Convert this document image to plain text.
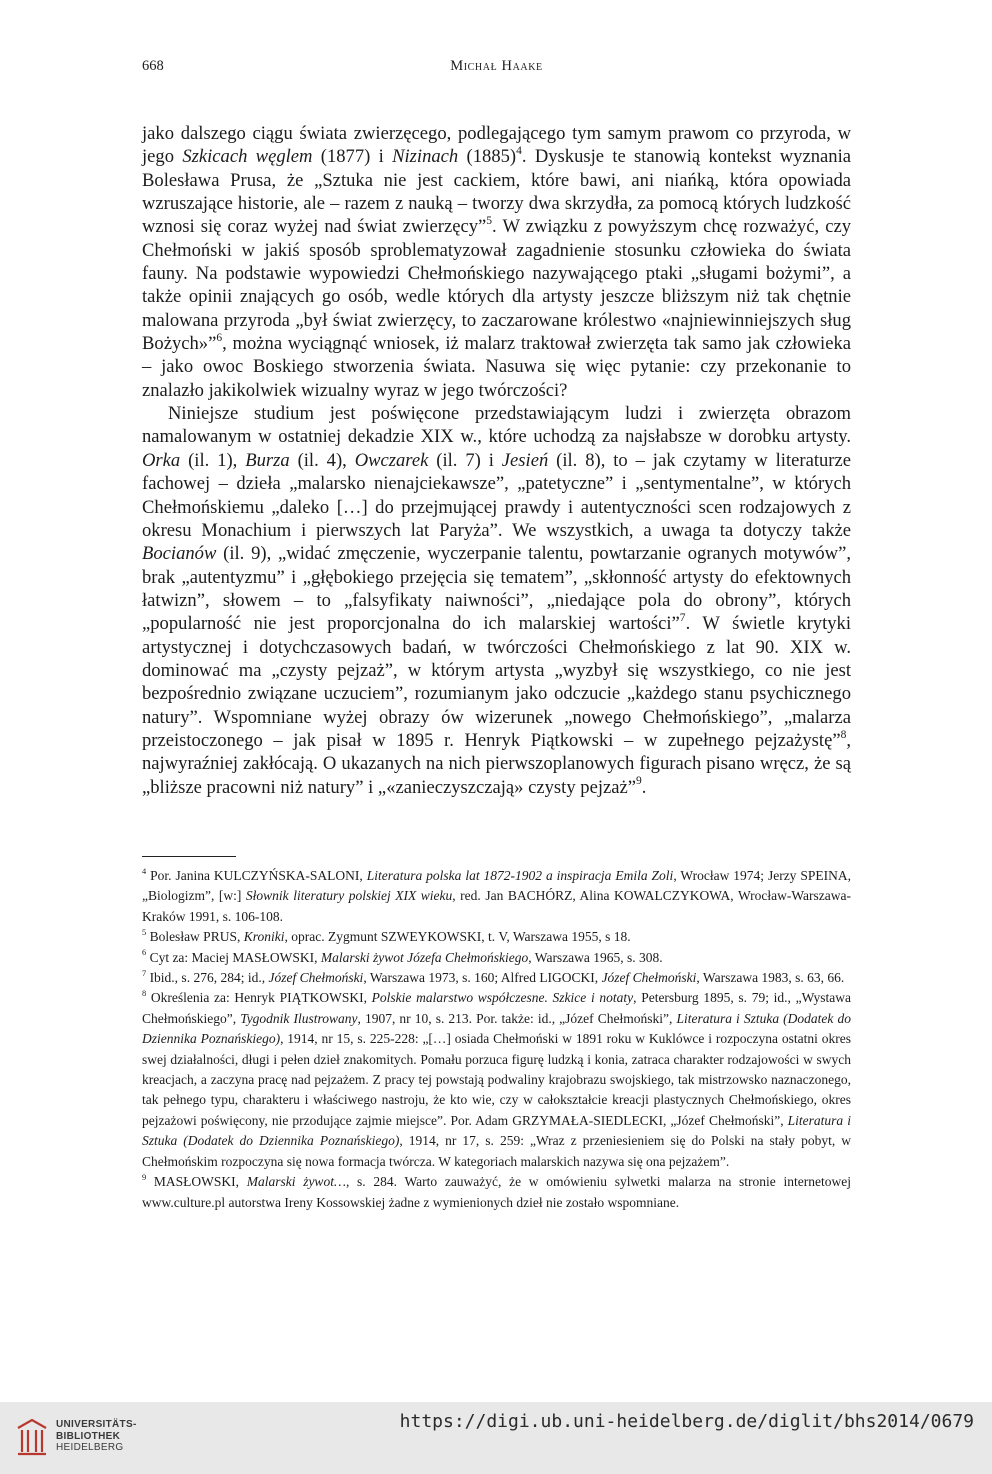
668	Michał Haake

jako dalszego ciągu świata zwierzęcego, podlegającego tym samym prawom co przyroda, w jego Szkicach węglem (1877) i Nizinach $(1885)^4$. Dyskusje te stanowią kontekst wyznania Bolesława Prusa, że „Sztuka nie jest cackiem, które bawi, ani niańką, która opowiada wzruszające historie, ale – razem z nauką – tworzy dwa skrzydła, za pomocą których ludzkość wznosi się coraz wyżej nad świat zwierzęcy”$^5$. W związku z powyższym chcę rozważyć, czy Chełmoński w jakiś sposób sproblematyzował zagadnienie stosunku człowieka do świata fauny. Na podstawie wypowiedzi Chełmońskiego nazywającego ptaki „sługami bożymi”, a także opinii znających go osób, wedle których dla artysty jeszcze bliższym niż tak chętnie malowana przyroda „był świat zwierzęcy, to zaczarowane królestwo «najniewinniejszych sług Bożych»”$^6$, można wyciągnąć wniosek, iż malarz traktował zwierzęta tak samo jak człowieka – jako owoc Boskiego stworzenia świata. Nasuwa się więc pytanie: czy przekonanie to znalazło jakikolwiek wizualny wyraz w jego twórczości?

Niniejsze studium jest poświęcone przedstawiającym ludzi i zwierzęta obrazom namalowanym w ostatniej dekadzie XIX w., które uchodzą za najsłabsze w dorobku artysty. Orka (il. 1), Burza (il. 4), Owczarek (il. 7) i Jesień (il. 8), to – jak czytamy w literaturze fachowej – dzieła „malarsko nienajciekawsze”, „patetyczne” i „sentymentalne”, w których Chełmońskiemu „daleko […] do przejmującej prawdy i autentyczności scen rodzajowych z okresu Monachium i pierwszych lat Paryża”. We wszystkich, a uwaga ta dotyczy także Bocianów (il. 9), „widać zmęczenie, wyczerpanie talentu, powtarzanie ogranych motywów”, brak „autentyzmu” i „głębokiego przejęcia się tematem”, „skłonność artysty do efektownych łatwizn”, słowem – to „falsyfikaty naiwności”, „niedające pola do obrony”, których „popularność nie jest proporcjonalna do ich malarskiej wartości”$^7$. W świetle krytyki artystycznej i dotychczasowych badań, w twórczości Chełmońskiego z lat 90. XIX w. dominować ma „czysty pejzaż”, w którym artysta „wyzbył się wszystkiego, co nie jest bezpośrednio związane uczuciem”, rozumianym jako odczucie „każdego stanu psychicznego natury”. Wspomniane wyżej obrazy ów wizerunek „nowego Chełmońskiego”, „malarza przeistoczonego – jak pisał w 1895 r. Henryk Piątkowski – w zupełnego pejzażystę”$^8$, najwyraźniej zakłócają. O ukazanych na nich pierwszoplanowych figurach pisano wręcz, że są „bliższe pracowni niż natury” i „«zanieczyszczają» czysty pejzaż”$^9$.

$^4$ Por. Janina KULCZYŃSKA-SALONI, Literatura polska lat 1872-1902 a inspiracja Emila Zoli, Wrocław 1974; Jerzy SPEINA, „Biologizm”, [w:] Słownik literatury polskiej XIX wieku, red. Jan BACHÓRZ, Alina KOWALCZYKOWA, Wrocław-Warszawa-Kraków 1991, s. 106-108.

$^5$ Bolesław PRUS, Kroniki, oprac. Zygmunt SZWEYKOWSKI, t. V, Warszawa 1955, s 18.

$^6$ Cyt za: Maciej MASŁOWSKI, Malarski żywot Józefa Chełmońskiego, Warszawa 1965, s. 308.

$^7$ Ibid., s. 276, 284; id., Józef Chełmoński, Warszawa 1973, s. 160; Alfred LIGOCKI, Józef Chełmoński, Warszawa 1983, s. 63, 66.

$^8$ Określenia za: Henryk PIĄTKOWSKI, Polskie malarstwo współczesne. Szkice i notaty, Petersburg 1895, s. 79; id., „Wystawa Chełmońskiego”, Tygodnik Ilustrowany, 1907, nr 10, s. 213. Por. także: id., „Józef Chełmoński”, Literatura i Sztuka (Dodatek do Dziennika Poznańskiego), 1914, nr 15, s. 225-228: „[…] osiada Chełmoński w 1891 roku w Kuklówce i rozpoczyna ostatni okres swej działalności, długi i pełen dzieł znakomitych. Pomału porzuca figurę ludzką i konia, zatraca charakter rodzajowości w swych kreacjach, a zaczyna pracę nad pejzażem. Z pracy tej powstają podwaliny krajobrazu swojskiego, tak mistrzowsko naznaczonego, tak pełnego typu, charakteru i właściwego nastroju, że kto wie, czy w całokształcie kreacji plastycznych Chełmońskiego, okres pejzażowi poświęcony, nie przodujące zajmie miejsce”. Por. Adam GRZYMAŁA-SIEDLECKI, „Józef Chełmoński”, Literatura i Sztuka (Dodatek do Dziennika Poznańskiego), 1914, nr 17, s. 259: „Wraz z przeniesieniem się do Polski na stały pobyt, w Chełmońskim rozpoczyna się nowa formacja twórcza. W kategoriach malarskich nazywa się ona pejzażem”.

$^9$ MASŁOWSKI, Malarski żywot…, s. 284. Warto zauważyć, że w omówieniu sylwetki malarza na stronie internetowej www.culture.pl autorstwa Ireny Kossowskiej żadne z wymienionych dzieł nie zostało wspomniane.

UNIVERSITÄTS-
BIBLIOTHEK
HEIDELBERG
https://digi.ub.uni-heidelberg.de/diglit/bhs2014/0679
